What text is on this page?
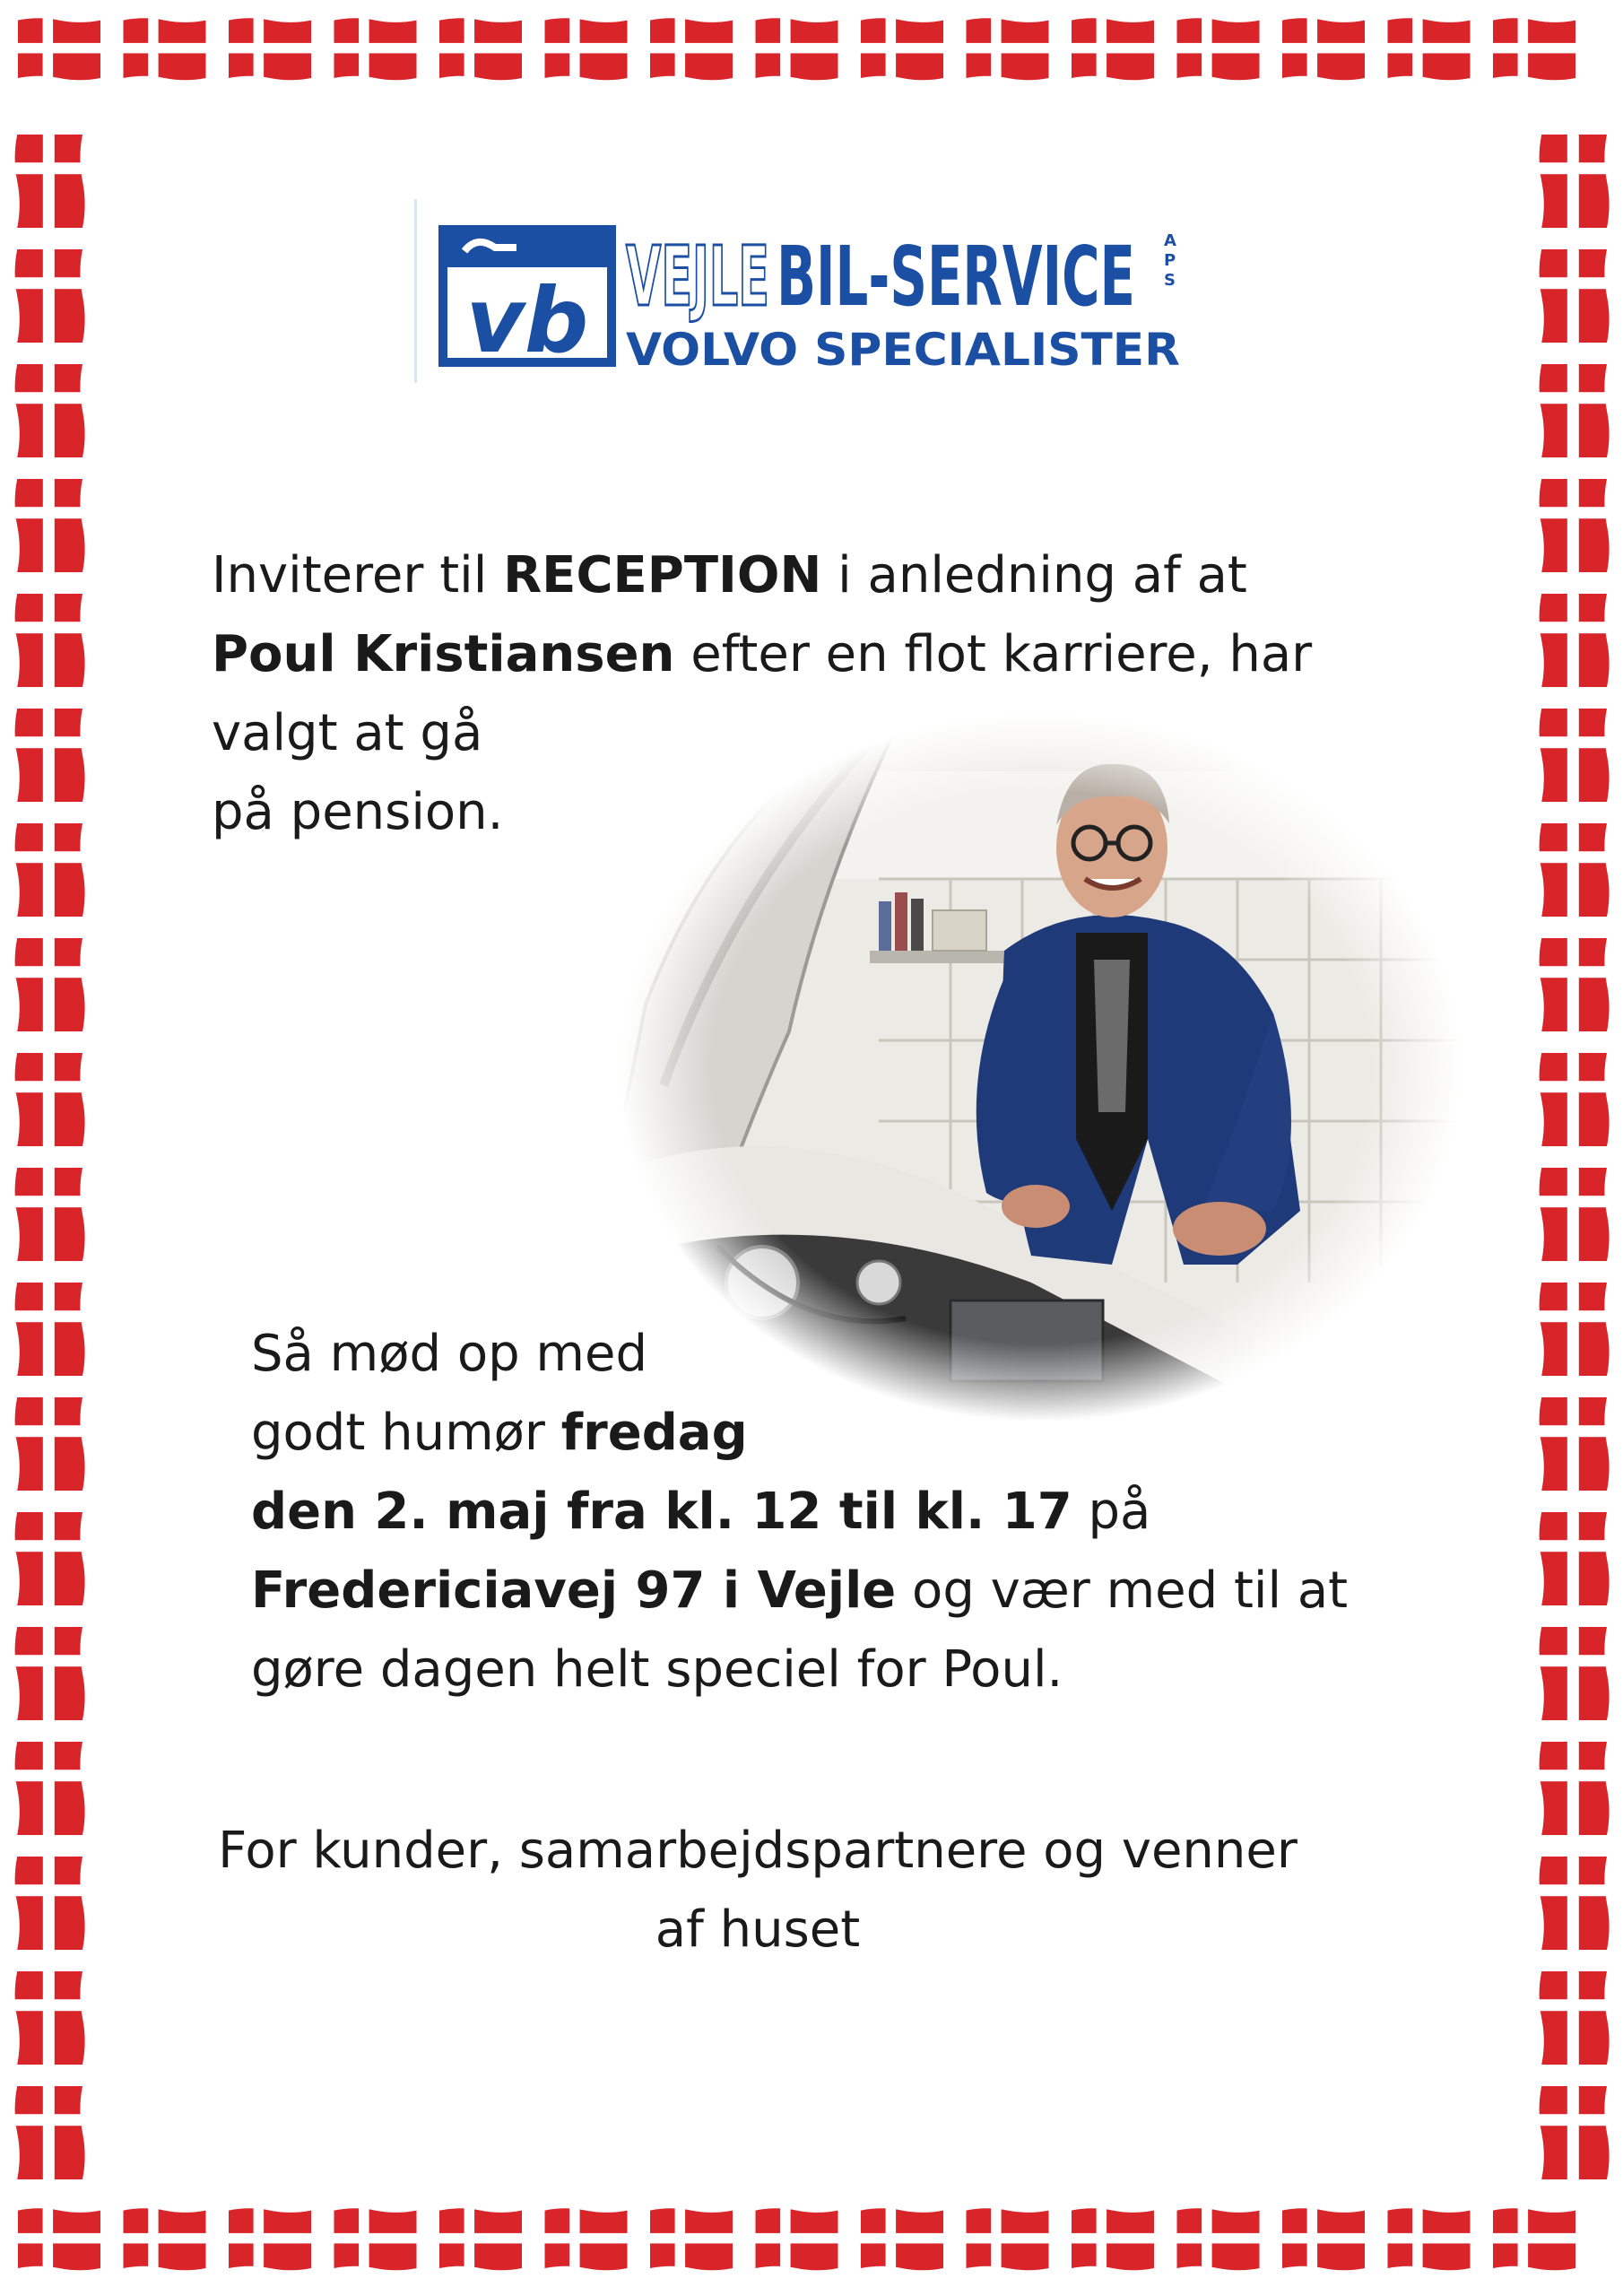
vb VEJLE BIL-SERVICE A
P
S
VOLVO SPECIALISTER
Inviterer til RECEPTION i anledning af at
Poul Kristiansen efter en flot karriere, har
valgt at gå
på pension.
Så mød op med
godt humør fredag
den 2. maj fra kl. 12 til kl. 17 på
Fredericiavej 97 i Vejle og vær med til at
gøre dagen helt speciel for Poul.
For kunder, samarbejdspartnere og venner
af huset
